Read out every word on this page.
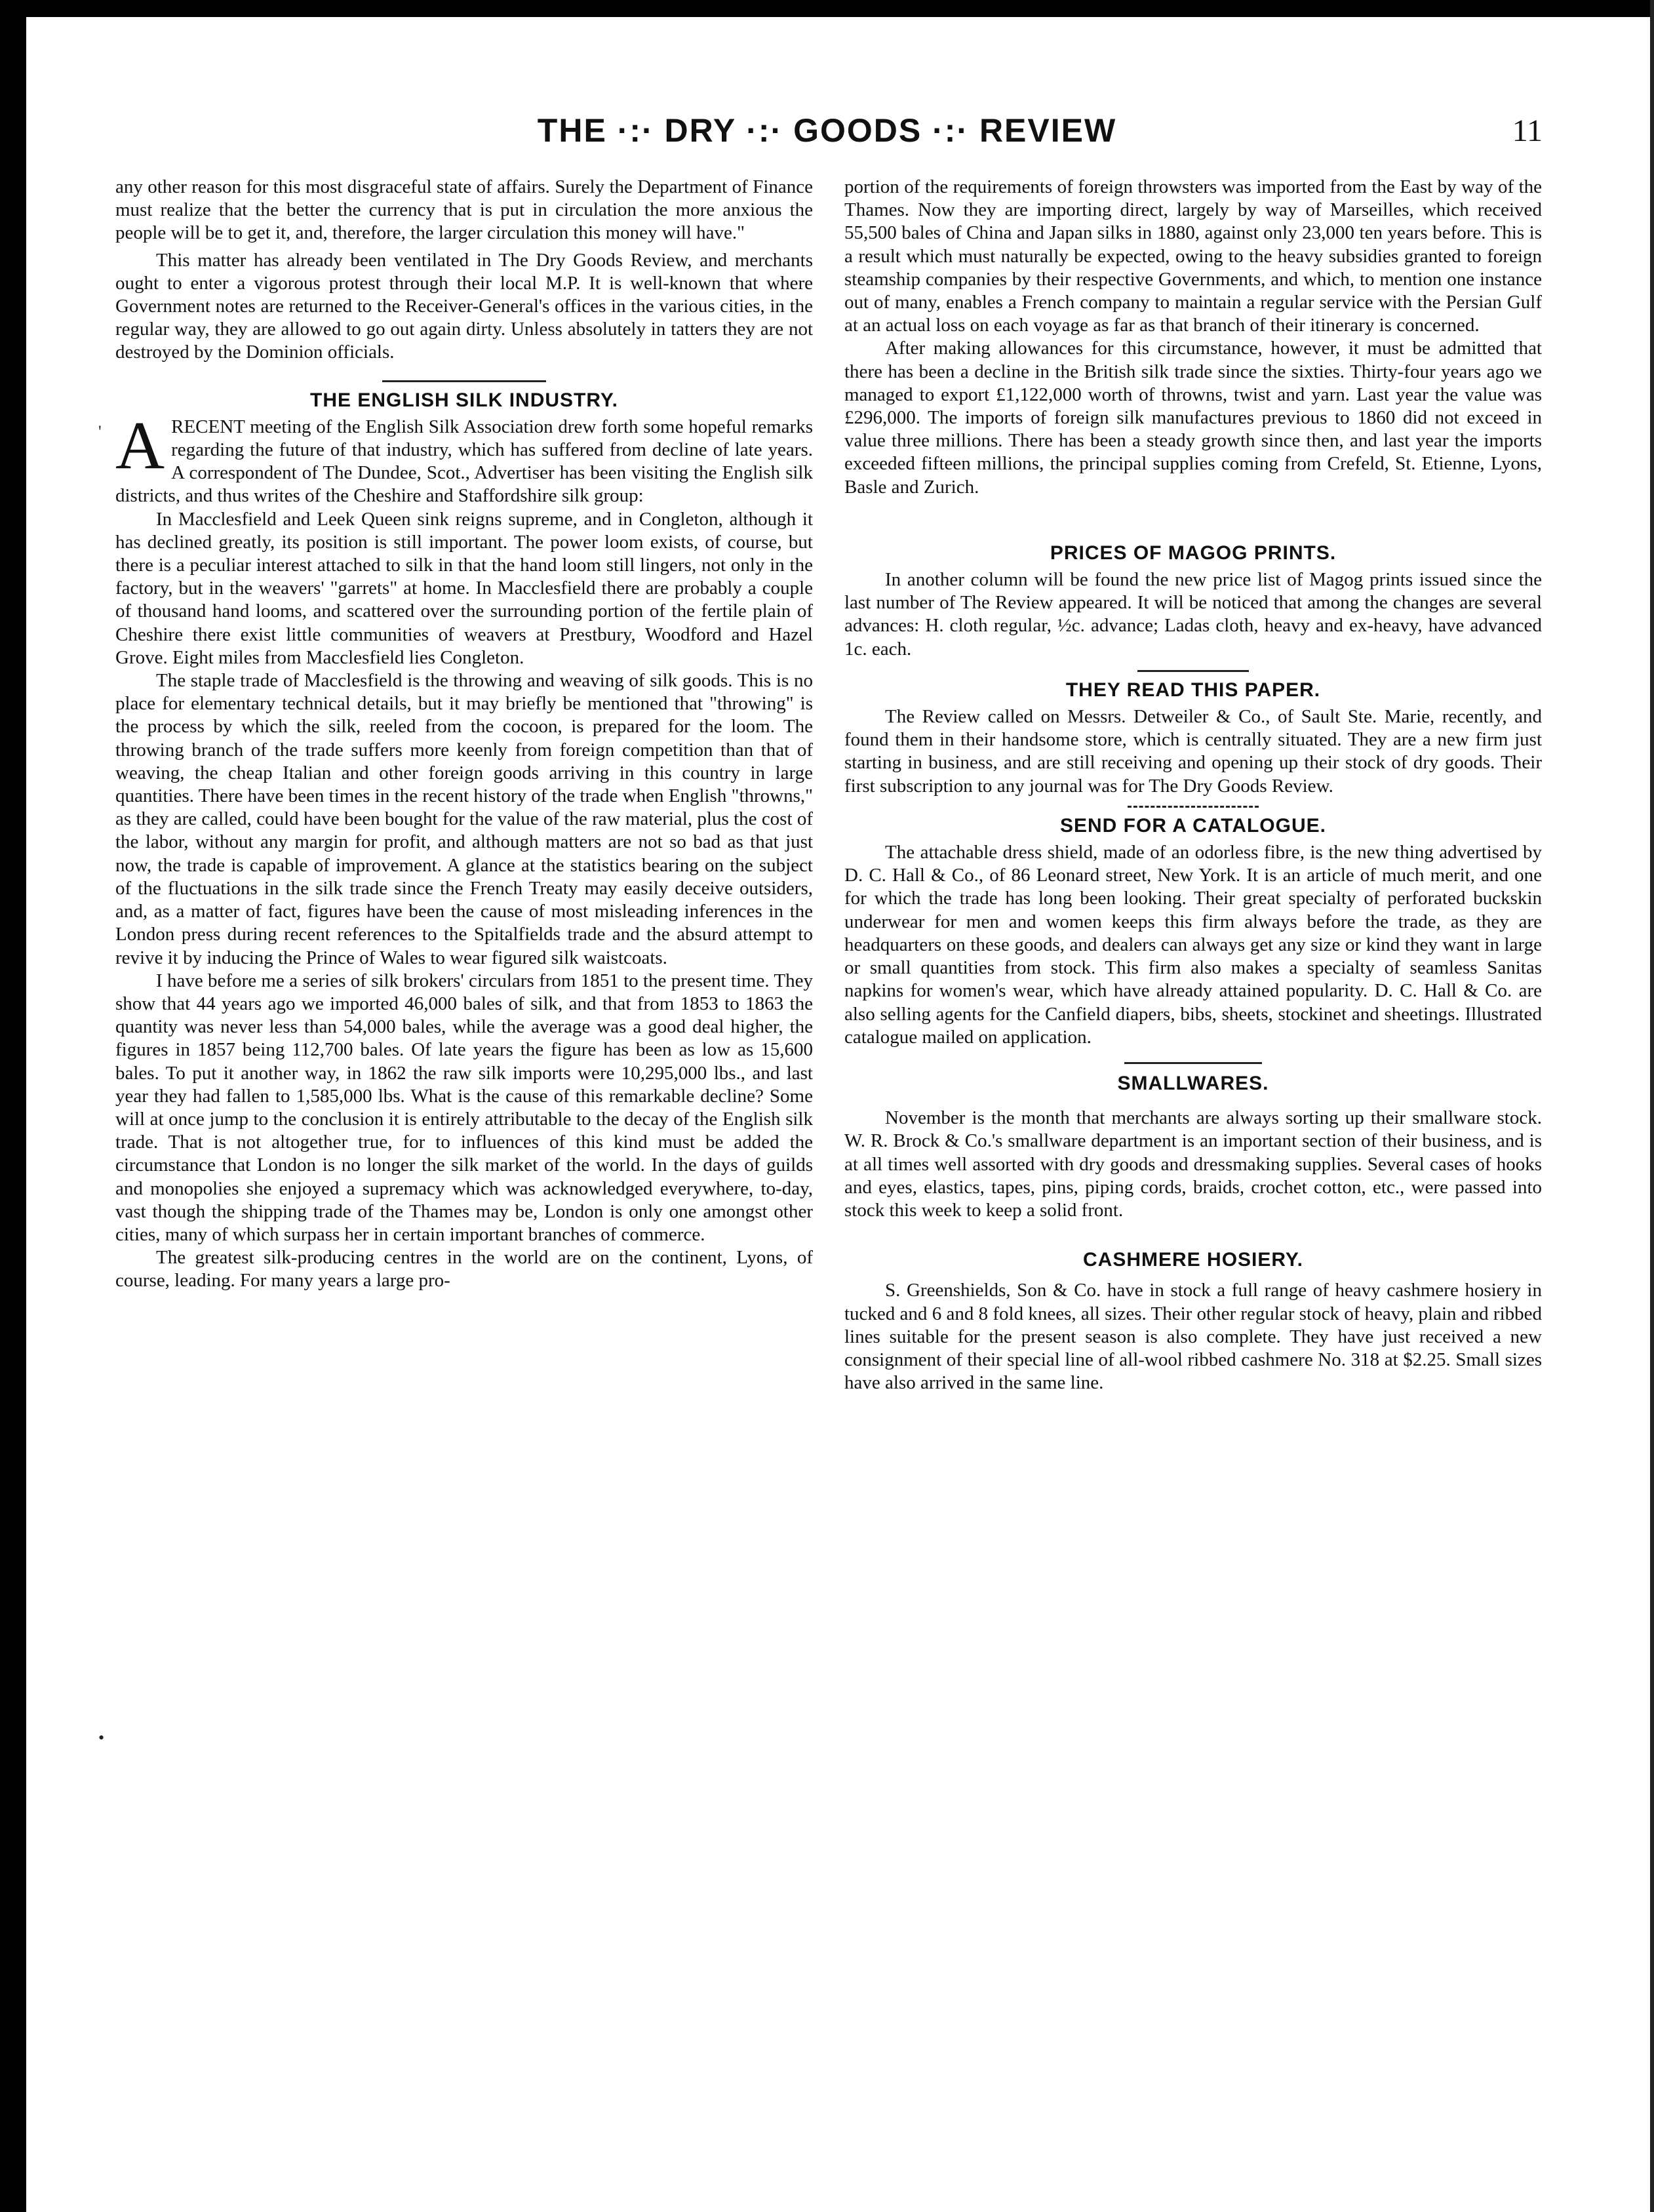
THE ·:· DRY ·:· GOODS ·:· REVIEW	11
'
•

any other reason for this most disgraceful state of affairs. Surely the Department of Finance must realize that the better the currency that is put in circulation the more anxious the people will be to get it, and, therefore, the larger circulation this money will have."

This matter has already been ventilated in The Dry Goods Review, and merchants ought to enter a vigorous protest through their local M.P. It is well-known that where Government notes are returned to the Receiver-General's offices in the various cities, in the regular way, they are allowed to go out again dirty. Unless absolutely in tatters they are not destroyed by the Dominion officials.

THE ENGLISH SILK INDUSTRY.

ARECENT meeting of the English Silk Association drew forth some hopeful remarks regarding the future of that industry, which has suffered from decline of late years. A correspondent of The Dundee, Scot., Advertiser has been visiting the English silk districts, and thus writes of the Cheshire and Staffordshire silk group:

In Macclesfield and Leek Queen sink reigns supreme, and in Congleton, although it has declined greatly, its position is still important. The power loom exists, of course, but there is a peculiar interest attached to silk in that the hand loom still lingers, not only in the factory, but in the weavers' "garrets" at home. In Macclesfield there are probably a couple of thousand hand looms, and scattered over the surrounding portion of the fertile plain of Cheshire there exist little communities of weavers at Prestbury, Woodford and Hazel Grove. Eight miles from Macclesfield lies Congleton.

The staple trade of Macclesfield is the throwing and weaving of silk goods. This is no place for elementary technical details, but it may briefly be mentioned that "throwing" is the process by which the silk, reeled from the cocoon, is prepared for the loom. The throwing branch of the trade suffers more keenly from foreign competition than that of weaving, the cheap Italian and other foreign goods arriving in this country in large quantities. There have been times in the recent history of the trade when English "throwns," as they are called, could have been bought for the value of the raw material, plus the cost of the labor, without any margin for profit, and although matters are not so bad as that just now, the trade is capable of improvement. A glance at the statistics bearing on the subject of the fluctuations in the silk trade since the French Treaty may easily deceive outsiders, and, as a matter of fact, figures have been the cause of most misleading inferences in the London press during recent references to the Spitalfields trade and the absurd attempt to revive it by inducing the Prince of Wales to wear figured silk waistcoats.

I have before me a series of silk brokers' circulars from 1851 to the present time. They show that 44 years ago we imported 46,000 bales of silk, and that from 1853 to 1863 the quantity was never less than 54,000 bales, while the average was a good deal higher, the figures in 1857 being 112,700 bales. Of late years the figure has been as low as 15,600 bales. To put it another way, in 1862 the raw silk imports were 10,295,000 lbs., and last year they had fallen to 1,585,000 lbs. What is the cause of this remarkable decline? Some will at once jump to the conclusion it is entirely attributable to the decay of the English silk trade. That is not altogether true, for to influences of this kind must be added the circumstance that London is no longer the silk market of the world. In the days of guilds and monopolies she enjoyed a supremacy which was acknowledged everywhere, to-day, vast though the shipping trade of the Thames may be, London is only one amongst other cities, many of which surpass her in certain important branches of commerce.

The greatest silk-producing centres in the world are on the continent, Lyons, of course, leading. For many years a large pro-

portion of the requirements of foreign throwsters was imported from the East by way of the Thames. Now they are importing direct, largely by way of Marseilles, which received 55,500 bales of China and Japan silks in 1880, against only 23,000 ten years before. This is a result which must naturally be expected, owing to the heavy subsidies granted to foreign steamship companies by their respective Governments, and which, to mention one instance out of many, enables a French company to maintain a regular service with the Persian Gulf at an actual loss on each voyage as far as that branch of their itinerary is concerned.

After making allowances for this circumstance, however, it must be admitted that there has been a decline in the British silk trade since the sixties. Thirty-four years ago we managed to export £1,122,000 worth of throwns, twist and yarn. Last year the value was £296,000. The imports of foreign silk manufactures previous to 1860 did not exceed in value three millions. There has been a steady growth since then, and last year the imports exceeded fifteen millions, the principal supplies coming from Crefeld, St. Etienne, Lyons, Basle and Zurich.

PRICES OF MAGOG PRINTS.

In another column will be found the new price list of Magog prints issued since the last number of The Review appeared. It will be noticed that among the changes are several advances: H. cloth regular, ½c. advance; Ladas cloth, heavy and ex-heavy, have advanced 1c. each.

THEY READ THIS PAPER.

The Review called on Messrs. Detweiler & Co., of Sault Ste. Marie, recently, and found them in their handsome store, which is centrally situated. They are a new firm just starting in business, and are still receiving and opening up their stock of dry goods. Their first subscription to any journal was for The Dry Goods Review.

SEND FOR A CATALOGUE.

The attachable dress shield, made of an odorless fibre, is the new thing advertised by D. C. Hall & Co., of 86 Leonard street, New York. It is an article of much merit, and one for which the trade has long been looking. Their great specialty of perforated buckskin underwear for men and women keeps this firm always before the trade, as they are headquarters on these goods, and dealers can always get any size or kind they want in large or small quantities from stock. This firm also makes a specialty of seamless Sanitas napkins for women's wear, which have already attained popularity. D. C. Hall & Co. are also selling agents for the Canfield diapers, bibs, sheets, stockinet and sheetings. Illustrated catalogue mailed on application.

SMALLWARES.

November is the month that merchants are always sorting up their smallware stock. W. R. Brock & Co.'s smallware department is an important section of their business, and is at all times well assorted with dry goods and dressmaking supplies. Several cases of hooks and eyes, elastics, tapes, pins, piping cords, braids, crochet cotton, etc., were passed into stock this week to keep a solid front.

CASHMERE HOSIERY.

S. Greenshields, Son & Co. have in stock a full range of heavy cashmere hosiery in tucked and 6 and 8 fold knees, all sizes. Their other regular stock of heavy, plain and ribbed lines suitable for the present season is also complete. They have just received a new consignment of their special line of all-wool ribbed cashmere No. 318 at $2.25. Small sizes have also arrived in the same line.
